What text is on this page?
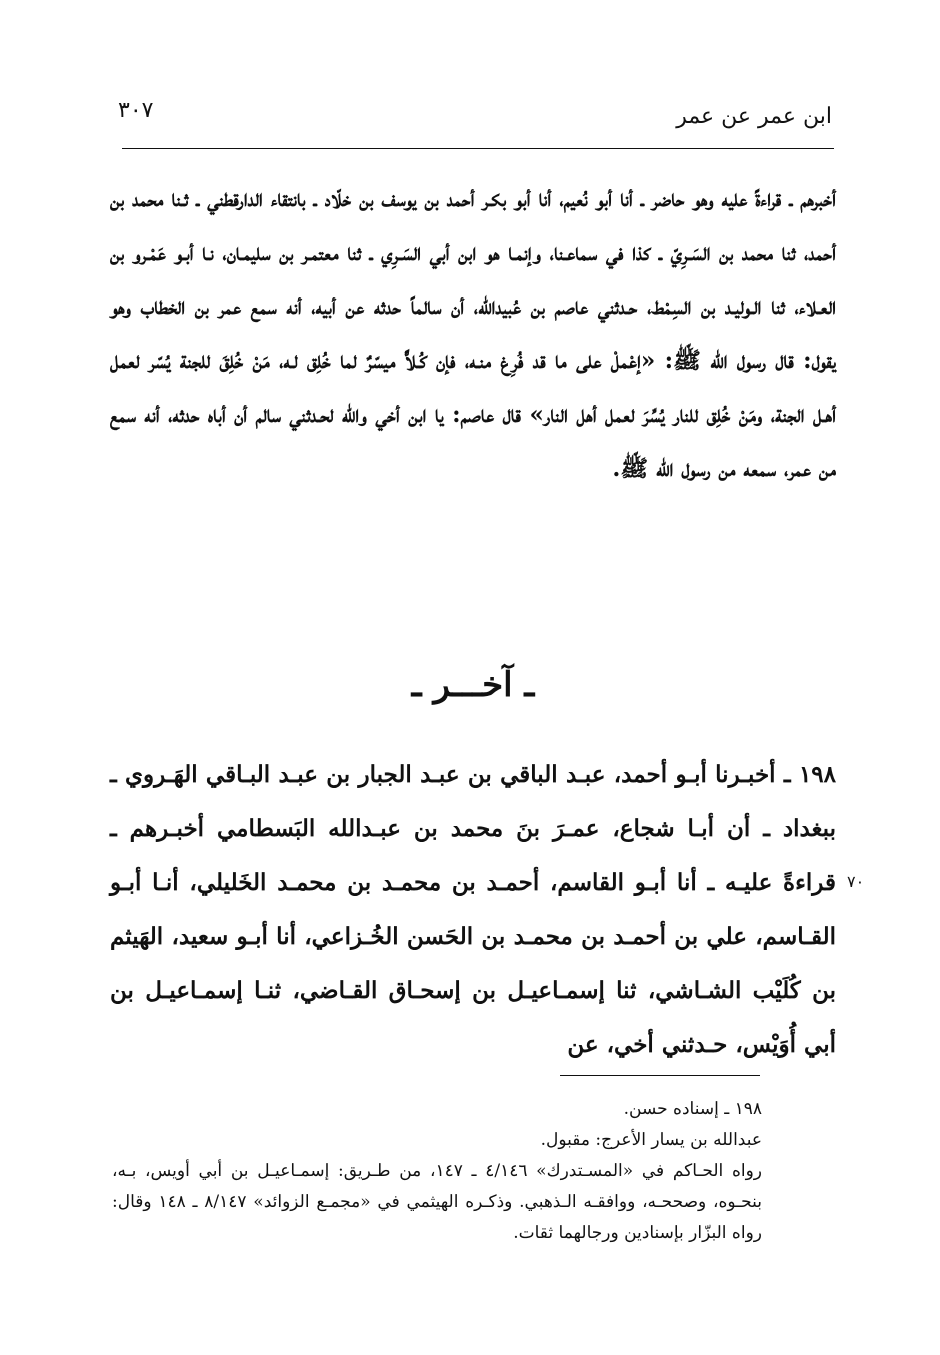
ابن عمر عن عمر
٣٠٧

أخبرهم ـ قراءةً عليه وهو حاضر ـ أنا أبو نُعيم، أنا أبو بكـر أحمد بن يوسف بن خلّاد ـ بانتقاء الدارقطني ـ ثـنا محمد بن أحمد، ثنا محمد بن السَـرِيّ ـ كذا في سماعـنا، وإنمـا هو ابن أبي السَـرِي ـ ثنا معتمـر بن سليمـان، نـا أبـو عَمْـرو بن العـلاء، ثنا الـوليـد بن السِمْط، حـدثني عاصم بن عُبيدالله، أن سالماً حدثه عن أبيه، أنه سمع عمر بن الخطاب وهو يقول: قال رسول الله ﷺ: «إعْملْ على ما قد فُرِغ منـه، فإن كُـلاًّ ميسّرٌ لما خُلِق لـه، مَنْ خُلِقَ للجنة يُسّر لعمل أهـل الجنة، ومَنْ خُلِق للنار يُسِّرَ لعمل أهل النار» قال عاصم: يا ابن أخي والله لحـدثني سالم أن أباه حدثه، أنه سمع من عمر، سمعه من رسول الله ﷺ.

ـ آخـــر ـ

١٩٨ ـ أخبـرنا أبـو أحمد، عبـد الباقي بن عبـد الجبار بن عبـد البـاقي الهَـروي ـ ببغداد ـ أن أبـا شجاع، عمـرَ بنَ محمد بن عبـدالله البَسطامي أخبـرهم ـ قراءةً عليـه ـ أنا أبـو القاسم، أحمـد بن محمـد بن محمـد الخَليلي، أنـا أبـو القـاسم، علي بن أحمـد بن محمـد بن الحَسن الخُـزاعي، أنا أبـو سعيد، الهَيثم بن كُلَيْب الشـاشي، ثنا إسمـاعيـل بن إسحـاق القـاضي، ثنـا إسمـاعيـل بن أبي أُوَيْس، حـدثني أخي، عن

٧٠

١٩٨ ـ إسناده حسن.

عبدالله بن يسار الأعرج: مقبول.

رواه الحـاكم في «المسـتدرك» ٤/١٤٦ ـ ١٤٧، من طـريق: إسمـاعيـل بن أبي أويس، بـه، بنحـوه، وصححـه، ووافقـه الـذهبي. وذكـره الهيثمي في «مجمـع الزوائد» ٨/١٤٧ ـ ١٤٨ وقال: رواه البزّار بإسنادين ورجالهما ثقات.
